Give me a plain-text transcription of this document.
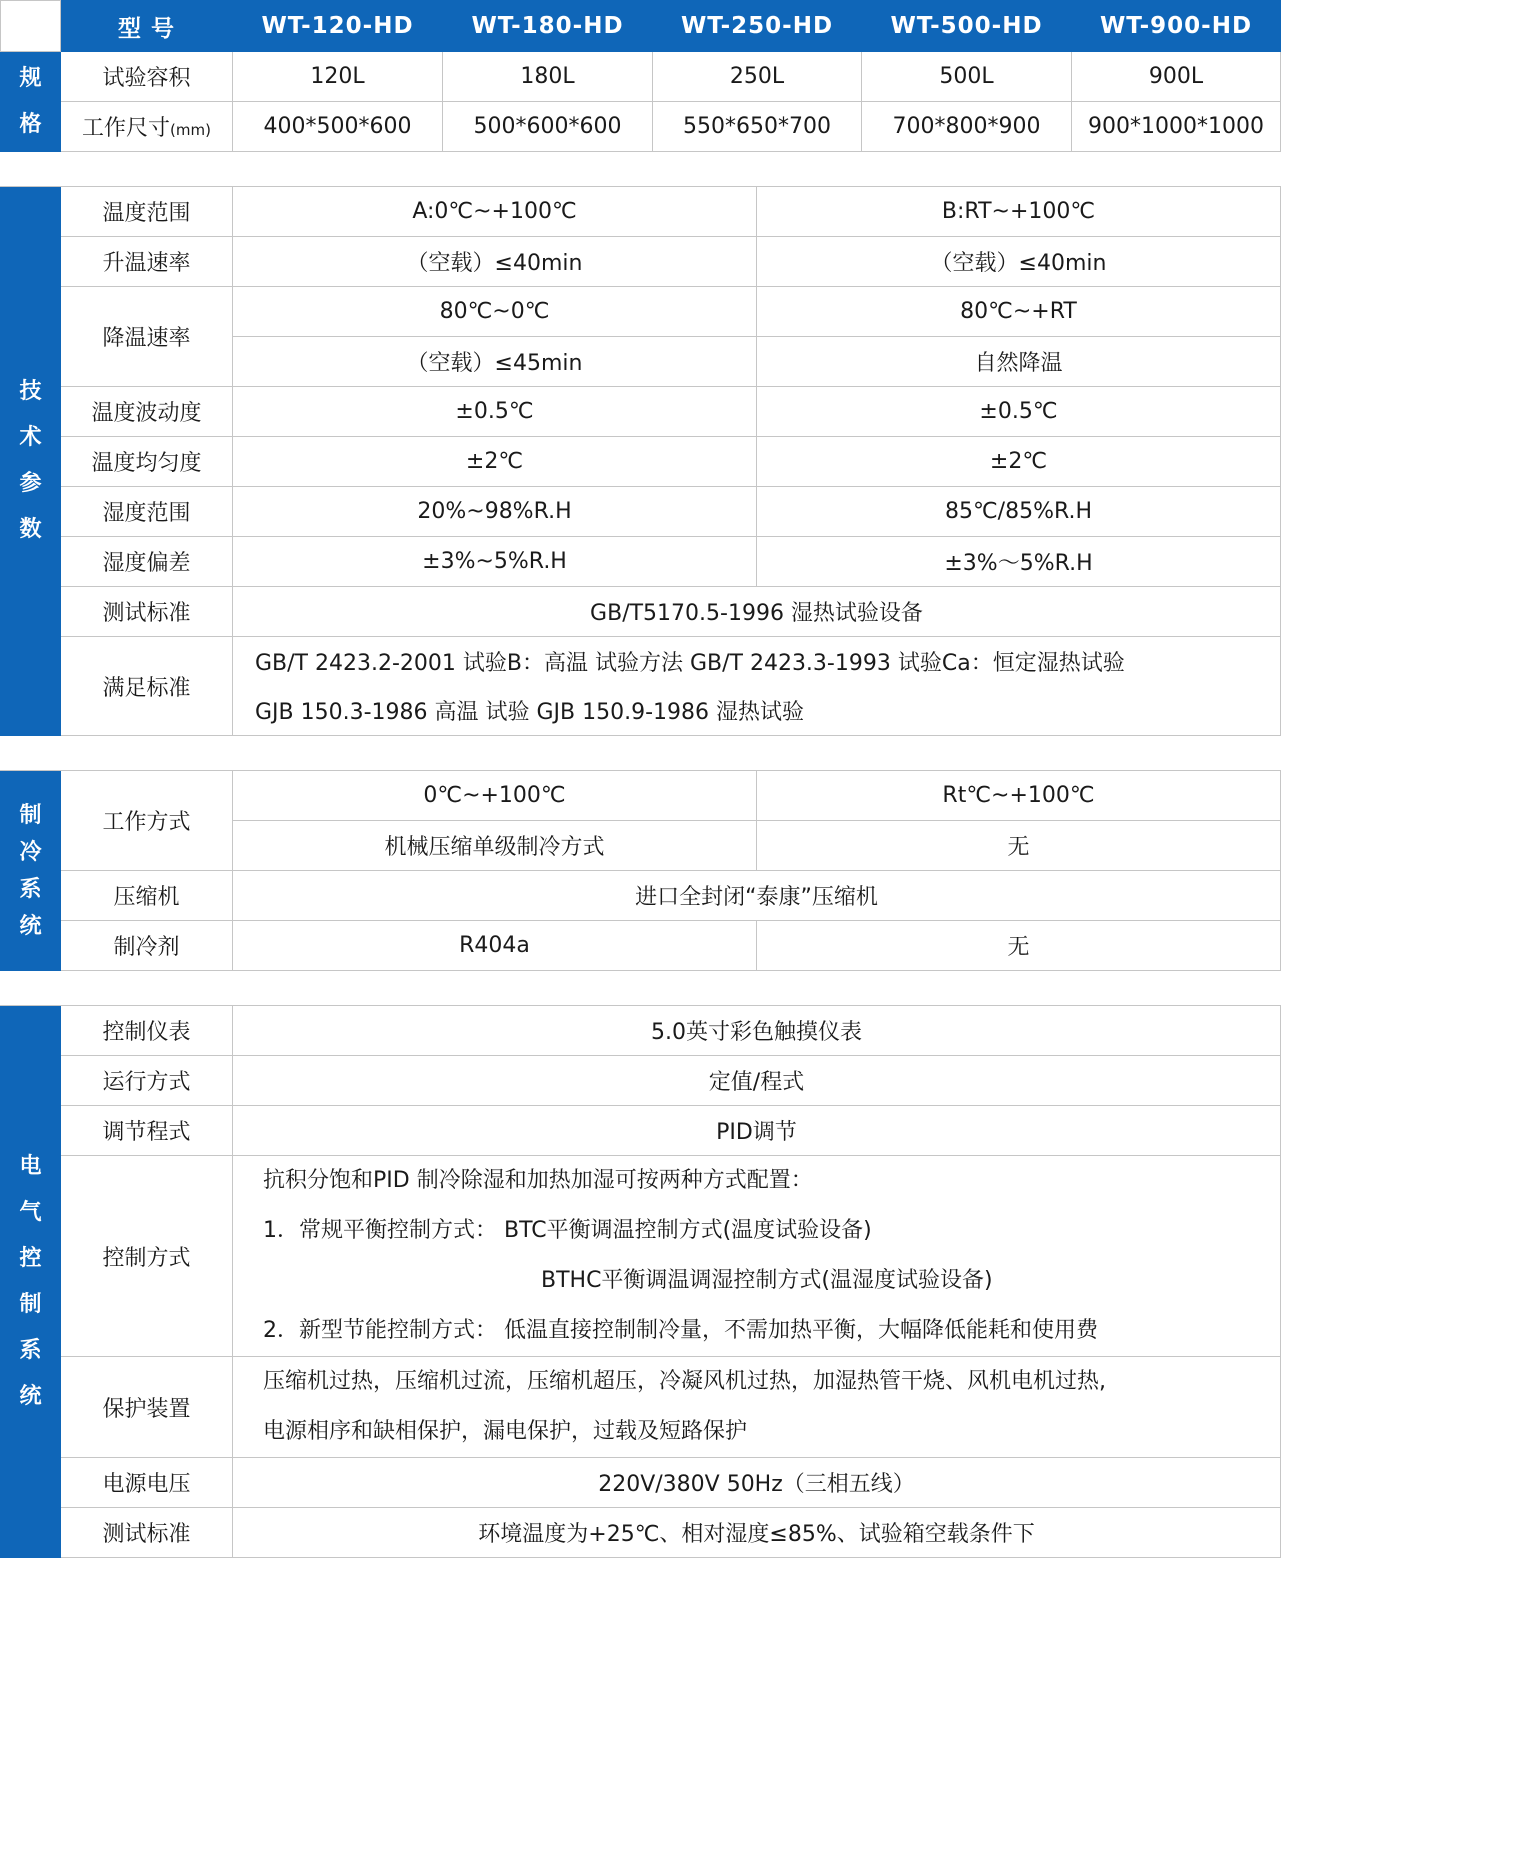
	型 号	WT-120-HD	WT-180-HD	WT-250-HD		WT-500-HD	WT-900-HD

规格	试验容积	120L	180L	250L		500L	900L
	工作尺寸(mm)	400*500*600	500*600*600	550*650*700		700*800*900	900*1000*1000

技术参数	温度范围	A:0℃~+100℃			B:RT~+100℃		
	升温速率	（空载）≤40min			（空载）≤40min		
	降温速率	80℃~0℃			80℃~+RT		
		（空载）≤45min			自然降温		
	温度波动度	±0.5℃			±0.5℃		
	温度均匀度	±2℃			±2℃		
	湿度范围	20%~98%R.H			85℃/85%R.H		
	湿度偏差	±3%~5%R.H			±3%～5%R.H		
	测试标准	GB/T5170.5-1996 湿热试验设备					
	满足标准	GB/T 2423.2-2001 试验B：高温 试验方法 GB/T 2423.3-1993 试验Ca：恒定湿热试验					
		GJB 150.3-1986 高温 试验 GJB 150.9-1986 湿热试验					

制冷系统	工作方式	0℃~+100℃			Rt℃~+100℃		
		机械压缩单级制冷方式			无		
	压缩机	进口全封闭“泰康”压缩机					
	制冷剂	R404a			无		

电气控制系统	控制仪表	5.0英寸彩色触摸仪表					
	运行方式	定值/程式					
	调节程式	PID调节					
	控制方式	抗积分饱和PID 制冷除湿和加热加湿可按两种方式配置：
1．常规平衡控制方式： BTC平衡调温控制方式(温度试验设备)
BTHC平衡调温调湿控制方式(温湿度试验设备)
2．新型节能控制方式： 低温直接控制制冷量，不需加热平衡，大幅降低能耗和使用费					

	保护装置	压缩机过热，压缩机过流，压缩机超压，冷凝风机过热，加湿热管干烧、风机电机过热,
电源相序和缺相保护，漏电保护，过载及短路保护					

	电源电压	220V/380V 50Hz（三相五线）					
	测试标准	环境温度为+25℃、相对湿度≤85%、试验箱空载条件下					
